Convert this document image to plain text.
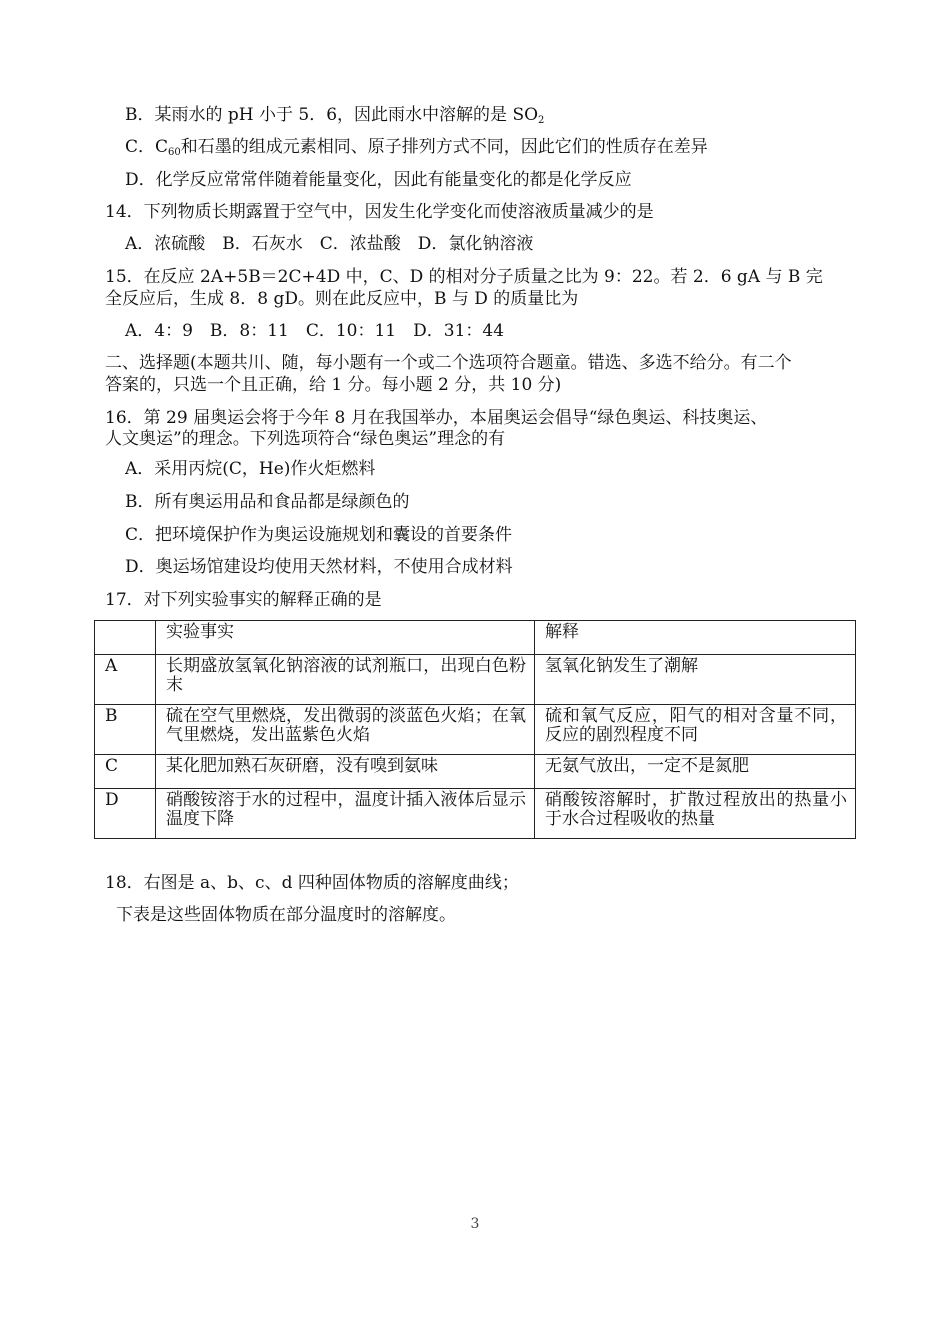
B．某雨水的 pH 小于 5．6，因此雨水中溶解的是 $SO_2$
C．$C_{60}$和石墨的组成元素相同、原子排列方式不同，因此它们的性质存在差异
D．化学反应常常伴随着能量变化，因此有能量变化的都是化学反应
14．下列物质长期露置于空气中，因发生化学变化而使溶液质量减少的是
A．浓硫酸　B．石灰水　C．浓盐酸　D．氯化钠溶液
15．在反应 2A+5B＝2C+4D 中，C、D 的相对分子质量之比为 9：22。若 2．6 gA 与 B 完
全反应后，生成 8．8 gD。则在此反应中，B 与 D 的质量比为
A．4：9　B．8：11　C．10：11　D．31：44
二、选择题(本题共川、随，每小题有一个或二个选项符合题童。错选、多选不给分。有二个
答案的，只选一个且正确，给 1 分。每小题 2 分，共 10 分)
16．第 29 届奥运会将于今年 8 月在我国举办，本届奥运会倡导“绿色奥运、科技奥运、
人文奥运”的理念。下列选项符合“绿色奥运”理念的有
A．采用丙烷(C，He)作火炬燃料
B．所有奥运用品和食品都是绿颜色的
C．把环境保护作为奥运设施规划和囊设的首要条件
D．奥运场馆建设均使用天然材料，不使用合成材料
17．对下列实验事实的解释正确的是
	实验事实	解释
A	长期盛放氢氧化钠溶液的试剂瓶口，出现白色粉末	氢氧化钠发生了潮解
B	硫在空气里燃烧，发出微弱的淡蓝色火焰；在氧气里燃烧，发出蓝紫色火焰	硫和氧气反应，阳气的相对含量不同，反应的剧烈程度不同
C	某化肥加熟石灰研磨，没有嗅到氨味	无氨气放出，一定不是氮肥
D	硝酸铵溶于水的过程中，温度计插入液体后显示温度下降	硝酸铵溶解时，扩散过程放出的热量小于水合过程吸收的热量
18．右图是 a、b、c、d 四种固体物质的溶解度曲线；
下表是这些固体物质在部分温度时的溶解度。
3
